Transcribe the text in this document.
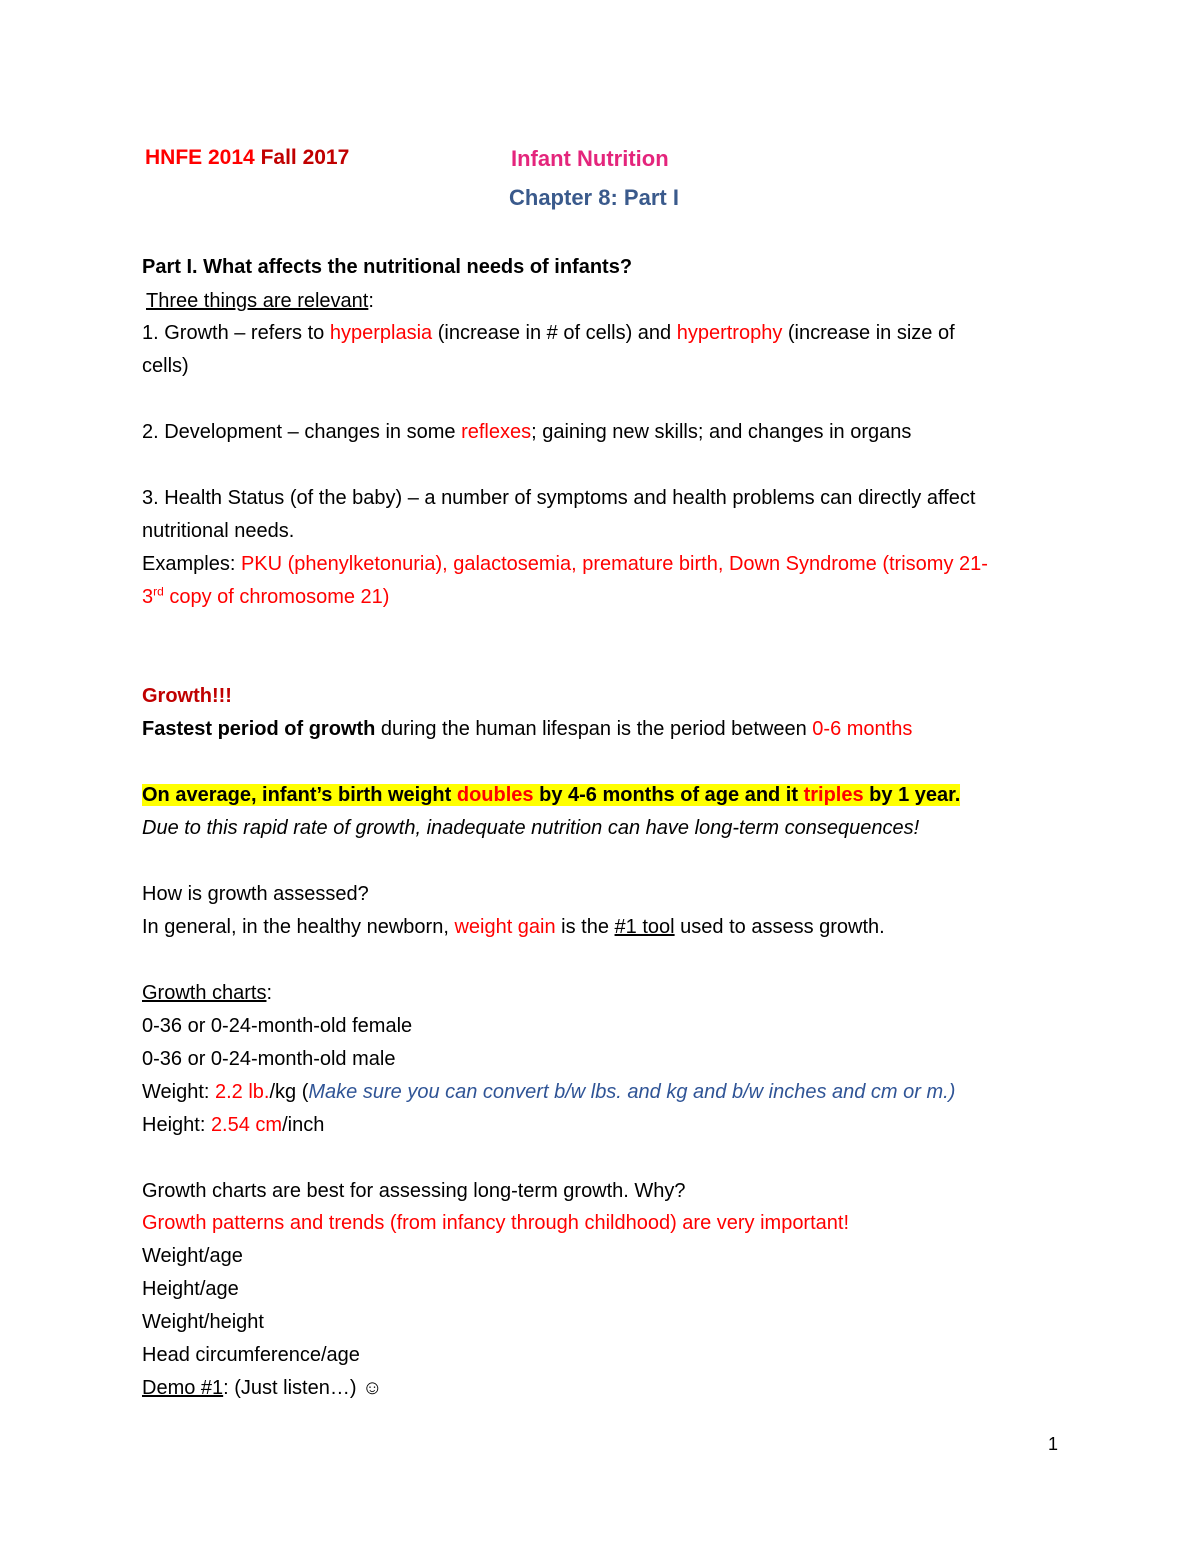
HNFE 2014 Fall 2017	Infant Nutrition
Chapter 8: Part I
Part I. What affects the nutritional needs of infants?
Three things are relevant:
1. Growth – refers to hyperplasia (increase in # of cells) and hypertrophy (increase in size of
cells)
2. Development – changes in some reflexes; gaining new skills; and changes in organs
3. Health Status (of the baby) – a number of symptoms and health problems can directly affect
nutritional needs.
Examples: PKU (phenylketonuria), galactosemia, premature birth, Down Syndrome (trisomy 21-
3rd copy of chromosome 21)
Growth!!!
Fastest period of growth during the human lifespan is the period between 0-6 months
On average, infant’s birth weight doubles by 4-6 months of age and it triples by 1 year.
Due to this rapid rate of growth, inadequate nutrition can have long-term consequences!
How is growth assessed?
In general, in the healthy newborn, weight gain is the #1 tool used to assess growth.
Growth charts:
0-36 or 0-24-month-old female
0-36 or 0-24-month-old male
Weight: 2.2 lb./kg (Make sure you can convert b/w lbs. and kg and b/w inches and cm or m.)
Height: 2.54 cm/inch
Growth charts are best for assessing long-term growth. Why?
Growth patterns and trends (from infancy through childhood) are very important!
Weight/age
Height/age
Weight/height
Head circumference/age
Demo #1: (Just listen…) ☺
1
